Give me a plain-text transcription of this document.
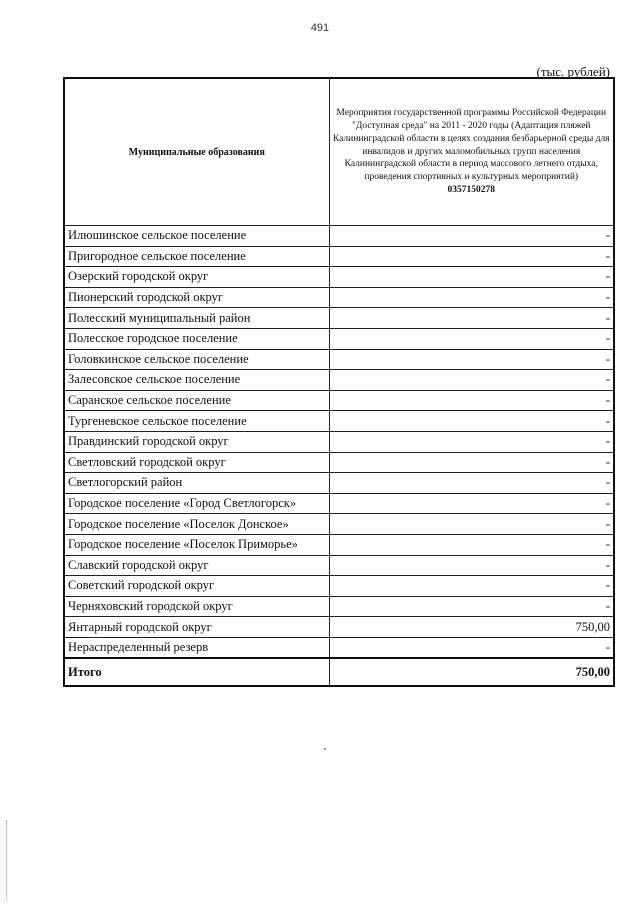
491
(тыс. рублей)
Муниципальные образования	Мероприятия государственной программы Российской Федерации "Доступная среда" на 2011 - 2020 годы (Адаптация пляжей Калининградской области в целях создания безбарьерной среды для инвалидов и других маломобильных групп населения Калининградской области в период массового летнего отдыха, проведения спортивных и культурных мероприятий)
0357150278

Илюшинское сельское поселение	-
Пригородное сельское поселение	-
Озерский городской округ	-
Пионерский городской округ	-
Полесский муниципальный район	-
Полесское городское поселение	-
Головкинское сельское поселение	-
Залесовское сельское поселение	-
Саранское сельское поселение	-
Тургеневское сельское поселение	-
Правдинский городской округ	-
Светловский городской округ	-
Светлогорский район	-
Городское поселение «Город Светлогорск»	-
Городское поселение «Поселок Донское»	-
Городское поселение «Поселок Приморье»	-
Славский городской округ	-
Советский городской округ	-
Черняховский городской округ	-
Янтарный городской округ	750,00
Нераспределенный резерв	-
Итого	750,00
